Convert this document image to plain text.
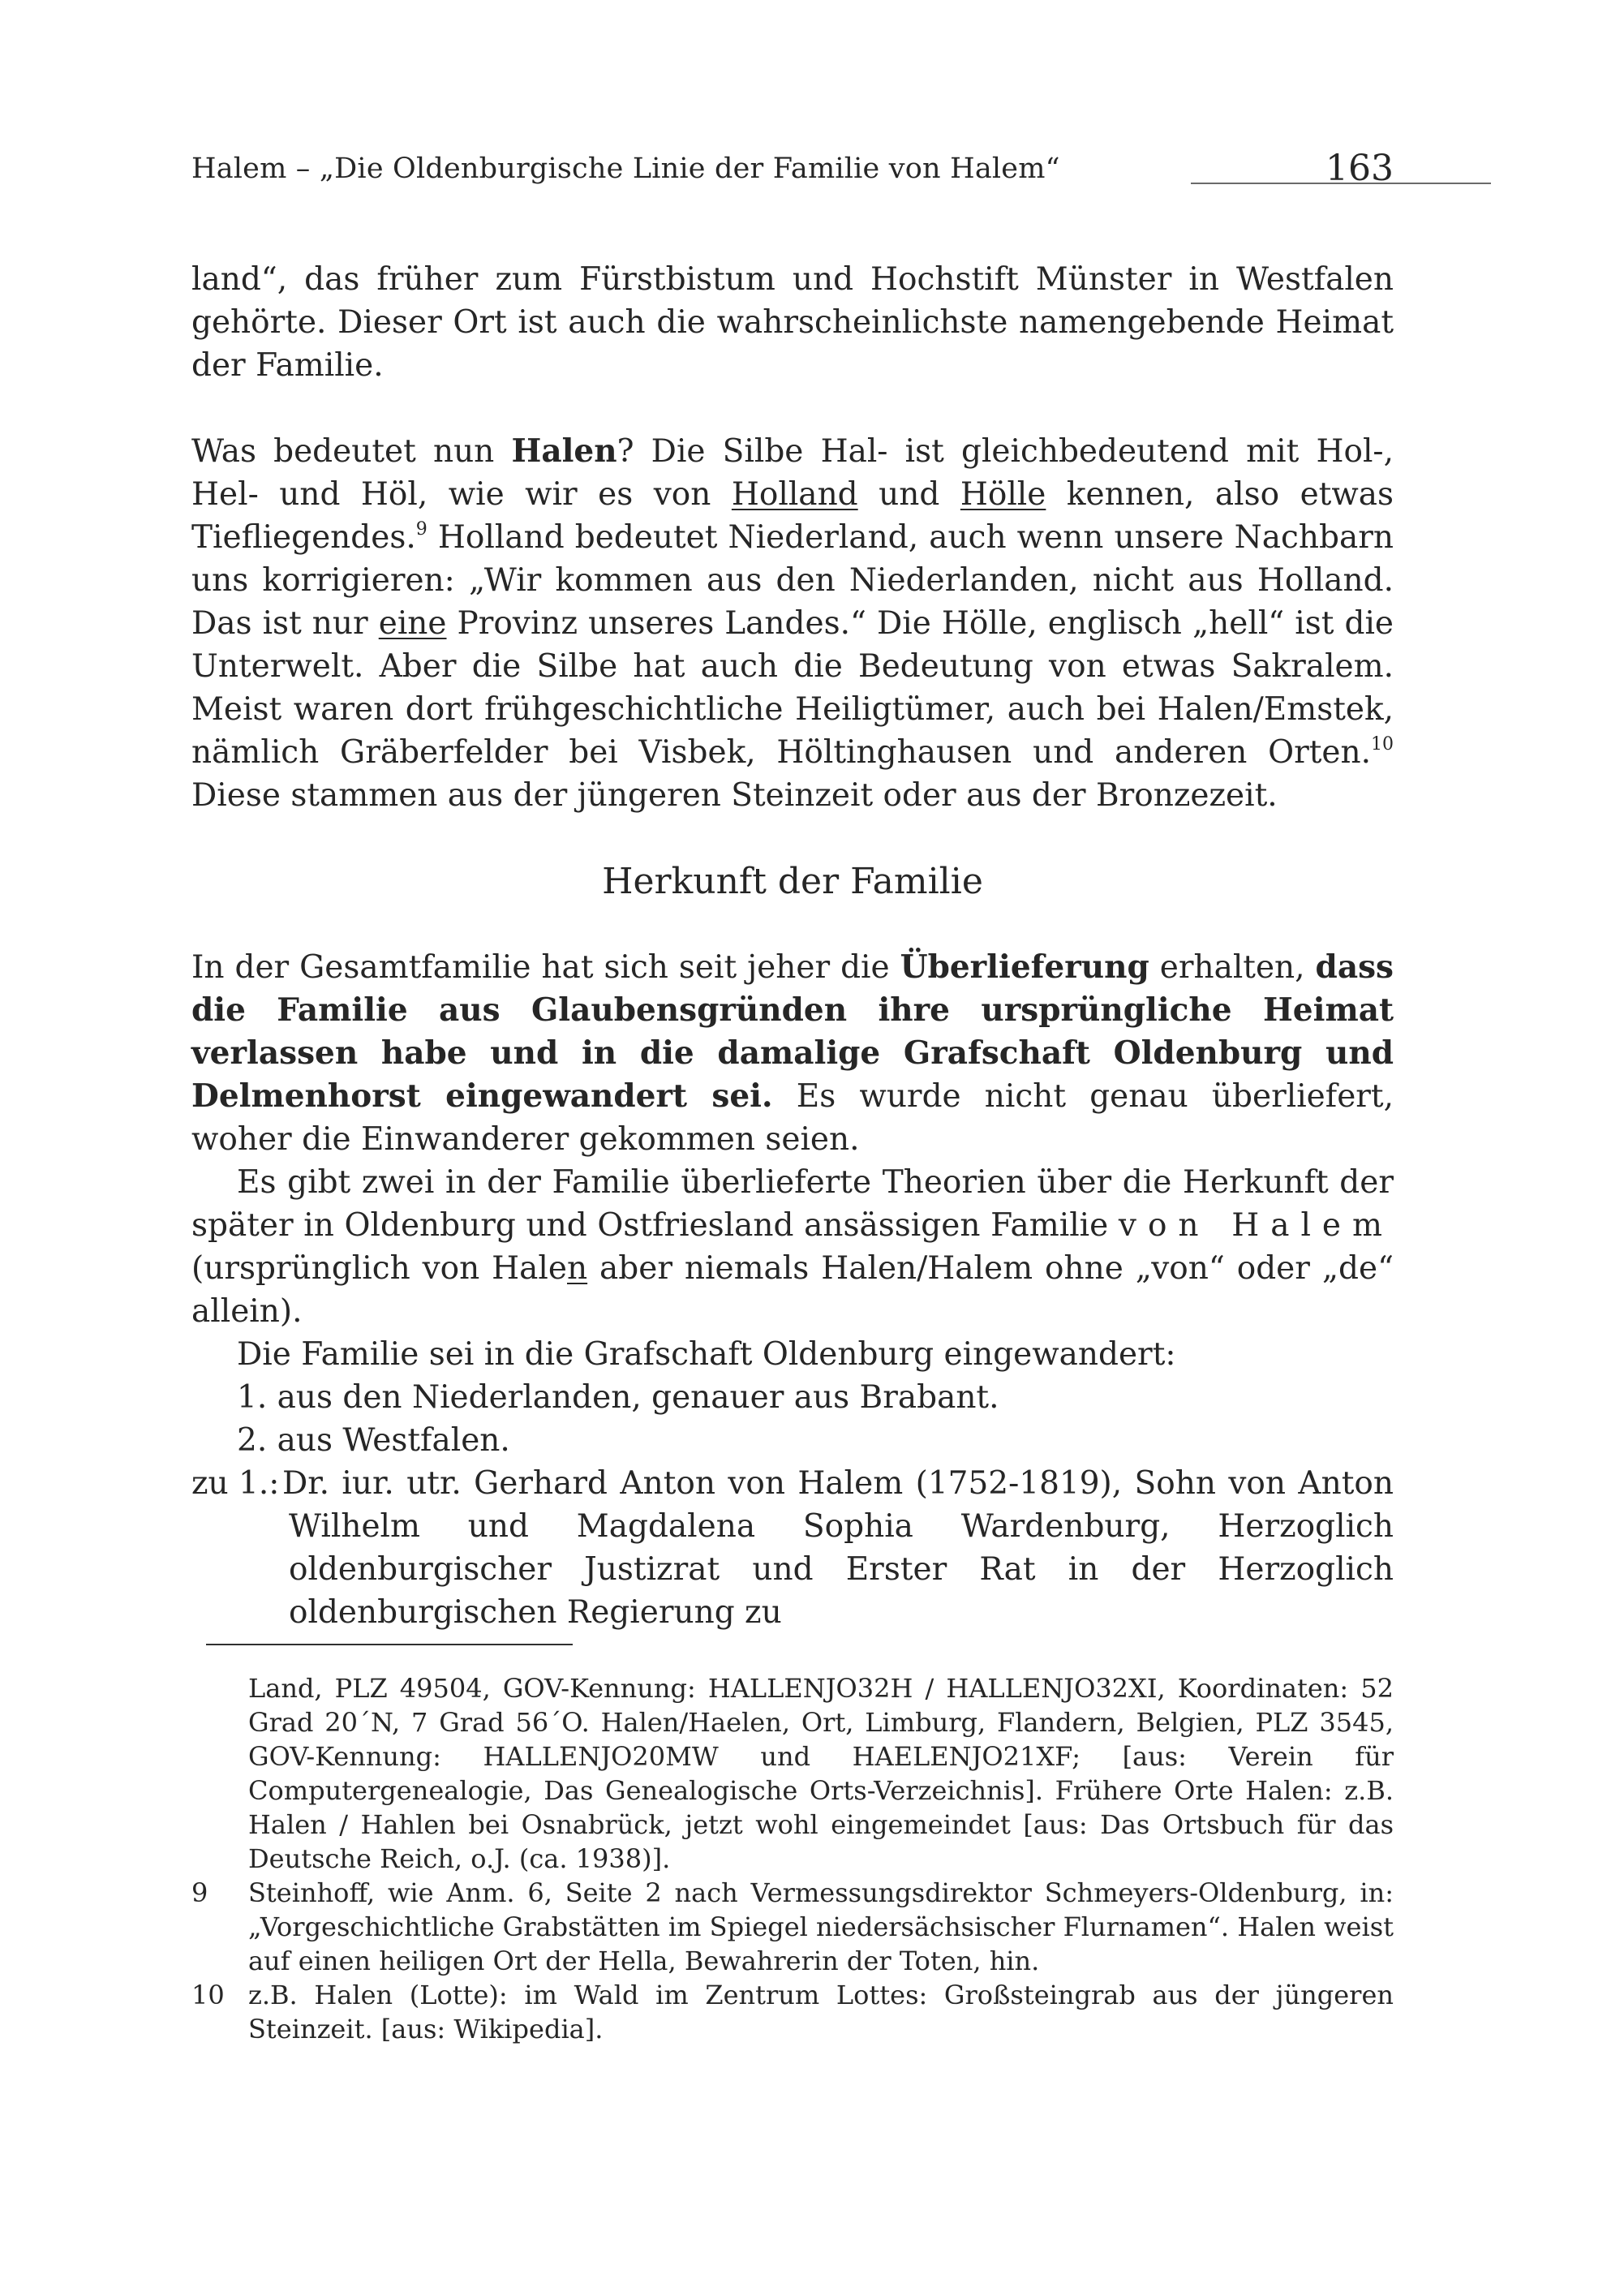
Halem – „Die Oldenburgische Linie der Familie von Halem“	163

land“, das früher zum Fürstbistum und Hochstift Münster in Westfalen gehörte. Dieser Ort ist auch die wahrscheinlichste namengebende Heimat der Familie.

Was bedeutet nun Halen? Die Silbe Hal- ist gleichbedeutend mit Hol-, Hel- und Höl, wie wir es von Holland und Hölle kennen, also etwas Tiefliegendes.$^9$ Holland bedeutet Niederland, auch wenn unsere Nachbarn uns korrigieren: „Wir kommen aus den Niederlanden, nicht aus Holland. Das ist nur eine Provinz unseres Landes.“ Die Hölle, englisch „hell“ ist die Unterwelt. Aber die Silbe hat auch die Bedeutung von etwas Sakralem. Meist waren dort frühgeschichtliche Heiligtümer, auch bei Halen/Emstek, nämlich Gräberfelder bei Visbek, Höltinghausen und anderen Orten.$^{10}$ Diese stammen aus der jüngeren Steinzeit oder aus der Bronzezeit.

Herkunft der Familie

In der Gesamtfamilie hat sich seit jeher die Überlieferung erhalten, dass die Familie aus Glaubensgründen ihre ursprüngliche Heimat verlassen habe und in die damalige Grafschaft Oldenburg und Delmenhorst eingewandert sei. Es wurde nicht genau überliefert, woher die Einwanderer gekommen seien.

Es gibt zwei in der Familie überlieferte Theorien über die Herkunft der später in Oldenburg und Ostfriesland ansässigen Familie von Halem (ursprünglich von Halen aber niemals Halen/Halem ohne „von“ oder „de“ allein).

Die Familie sei in die Grafschaft Oldenburg eingewandert:

1. aus den Niederlanden, genauer aus Brabant.
2. aus Westfalen.
zu 1.: Dr. iur. utr. Gerhard Anton von Halem (1752-1819), Sohn von Anton Wilhelm und Magdalena Sophia Wardenburg, Herzoglich oldenburgischer Justizrat und Erster Rat in der Herzoglich oldenburgischen Regierung zu
Land, PLZ 49504, GOV-Kennung: HALLENJO32H / HALLENJO32XI, Koordinaten: 52 Grad 20´N, 7 Grad 56´O. Halen/Haelen, Ort, Limburg, Flandern, Belgien, PLZ 3545, GOV-Kennung: HALLENJO20MW und HAELENJO21XF; [aus: Verein für Computergenealogie, Das Genealogische Orts-Verzeichnis]. Frühere Orte Halen: z.B. Halen / Hahlen bei Osnabrück, jetzt wohl eingemeindet [aus: Das Ortsbuch für das Deutsche Reich, o.J. (ca. 1938)].
9	Steinhoff, wie Anm. 6, Seite 2 nach Vermessungsdirektor Schmeyers-Oldenburg, in: „Vorgeschichtliche Grabstätten im Spiegel niedersächsischer Flurnamen“. Halen weist auf einen heiligen Ort der Hella, Bewahrerin der Toten, hin.
10 z.B. Halen (Lotte): im Wald im Zentrum Lottes: Großsteingrab aus der jüngeren Steinzeit. [aus: Wikipedia].
